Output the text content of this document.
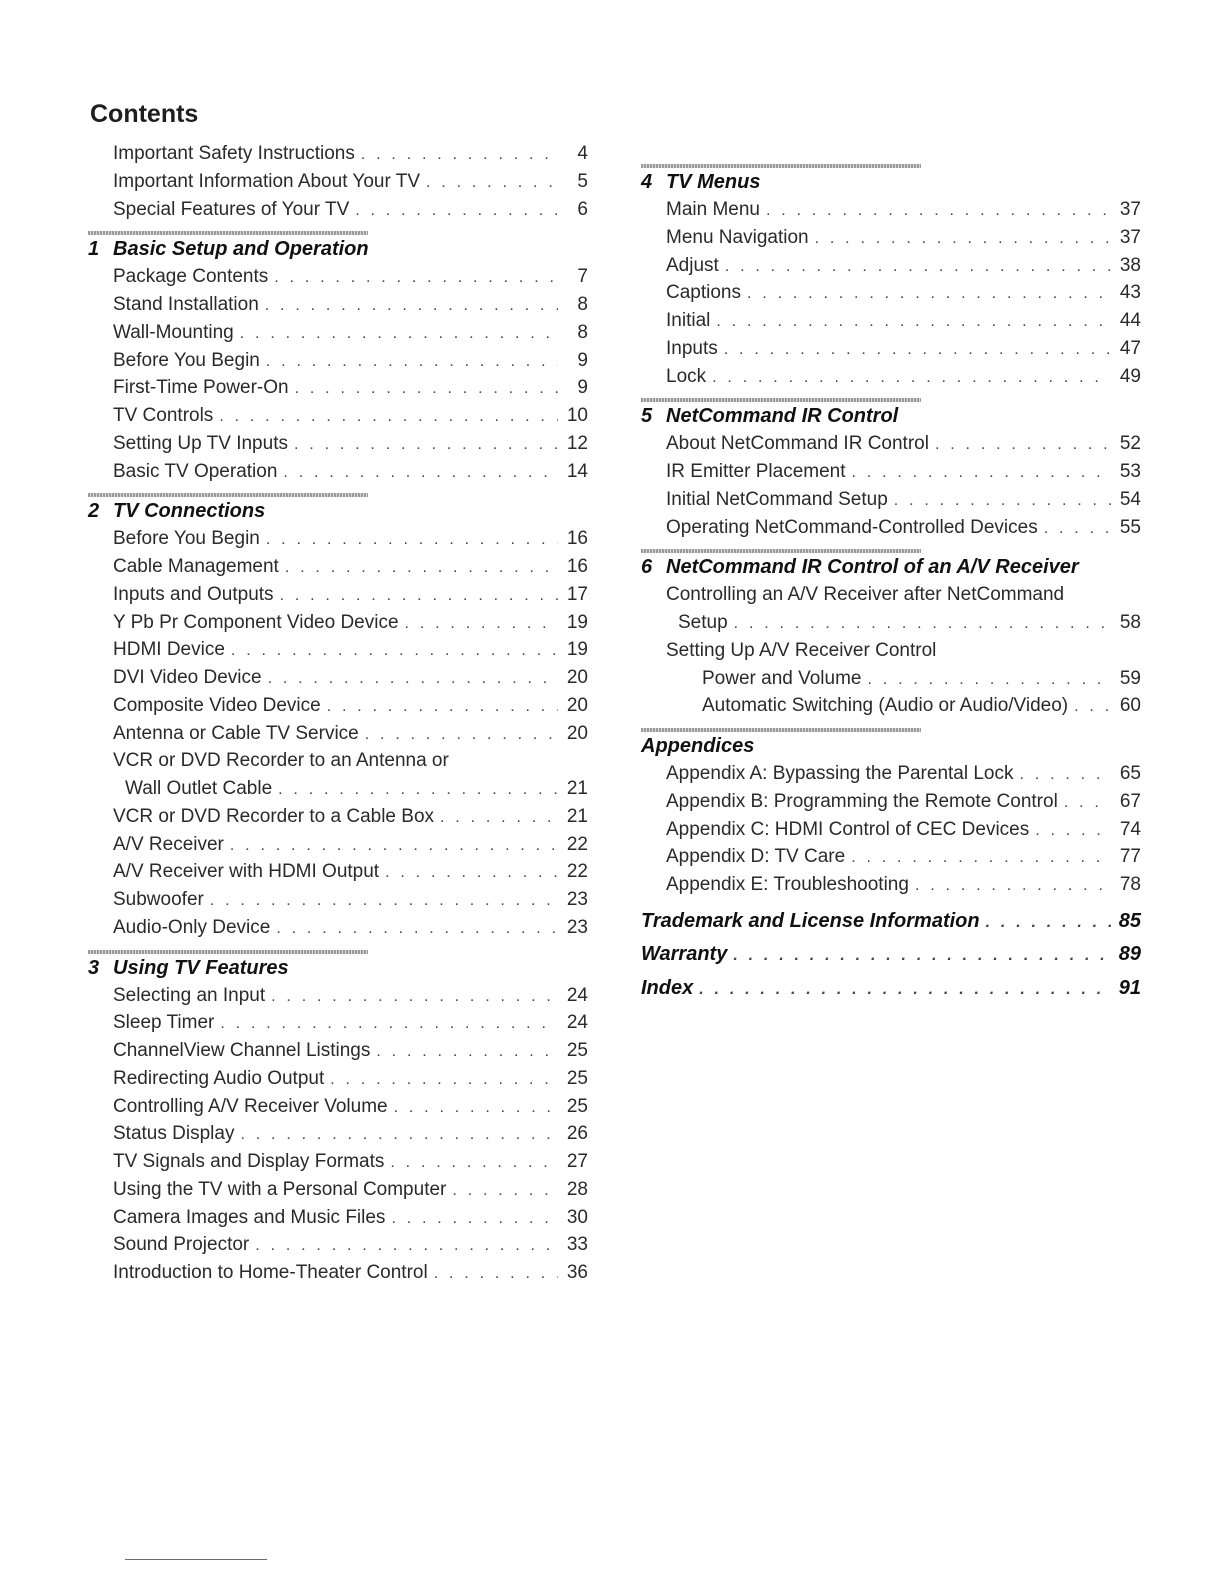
Contents
Important Safety Instructions . . .	4
Important Information About Your TV . . .	5
Special Features of Your TV . . .	6
1 Basic Setup and Operation
Package Contents . . .	7
Stand Installation . . .	8
Wall-Mounting . . .	8
Before You Begin . . .	9
First-Time Power-On . . .	9
TV Controls . . .	10
Setting Up TV Inputs . . .	12
Basic TV Operation . . .	14
2 TV Connections
Before You Begin . . .	16
Cable Management . . .	16
Inputs and Outputs . . .	17
Y Pb Pr Component Video Device . . .	19
HDMI Device . . .	19
DVI Video Device . . .	20
Composite Video Device . . .	20
Antenna or Cable TV Service . . .	20
VCR or DVD Recorder to an Antenna or
Wall Outlet Cable . . .	21
VCR or DVD Recorder to a Cable Box . . .	21
A/V Receiver . . .	22
A/V Receiver with HDMI Output . . .	22
Subwoofer . . .	23
Audio-Only Device . . .	23
3 Using TV Features
Selecting an Input . . .	24
Sleep Timer . . .	24
ChannelView Channel Listings . . .	25
Redirecting Audio Output . . .	25
Controlling A/V Receiver Volume . . .	25
Status Display . . .	26
TV Signals and Display Formats . . .	27
Using the TV with a Personal Computer . . .	28
Camera Images and Music Files . . .	30
Sound Projector . . .	33
Introduction to Home-Theater Control . . .	36
4 TV Menus
Main Menu . . .	37
Menu Navigation . . .	37
Adjust . . .	38
Captions . . .	43
Initial . . .	44
Inputs . . .	47
Lock . . .	49
5 NetCommand IR Control
About NetCommand IR Control . . .	52
IR Emitter Placement . . .	53
Initial NetCommand Setup . . .	54
Operating NetCommand-Controlled Devices . . .	55
6 NetCommand IR Control of an A/V Receiver
Controlling an A/V Receiver after NetCommand
Setup . . .	58
Setting Up A/V Receiver Control
Power and Volume . . .	59
Automatic Switching (Audio or Audio/Video) . . .	60
Appendices
Appendix A: Bypassing the Parental Lock . . .	65
Appendix B: Programming the Remote Control . . .	67
Appendix C: HDMI Control of CEC Devices . . .	74
Appendix D: TV Care . . .	77
Appendix E: Troubleshooting . . .	78
Trademark and License Information . . .	85
Warranty . . .	89
Index . . .	91
